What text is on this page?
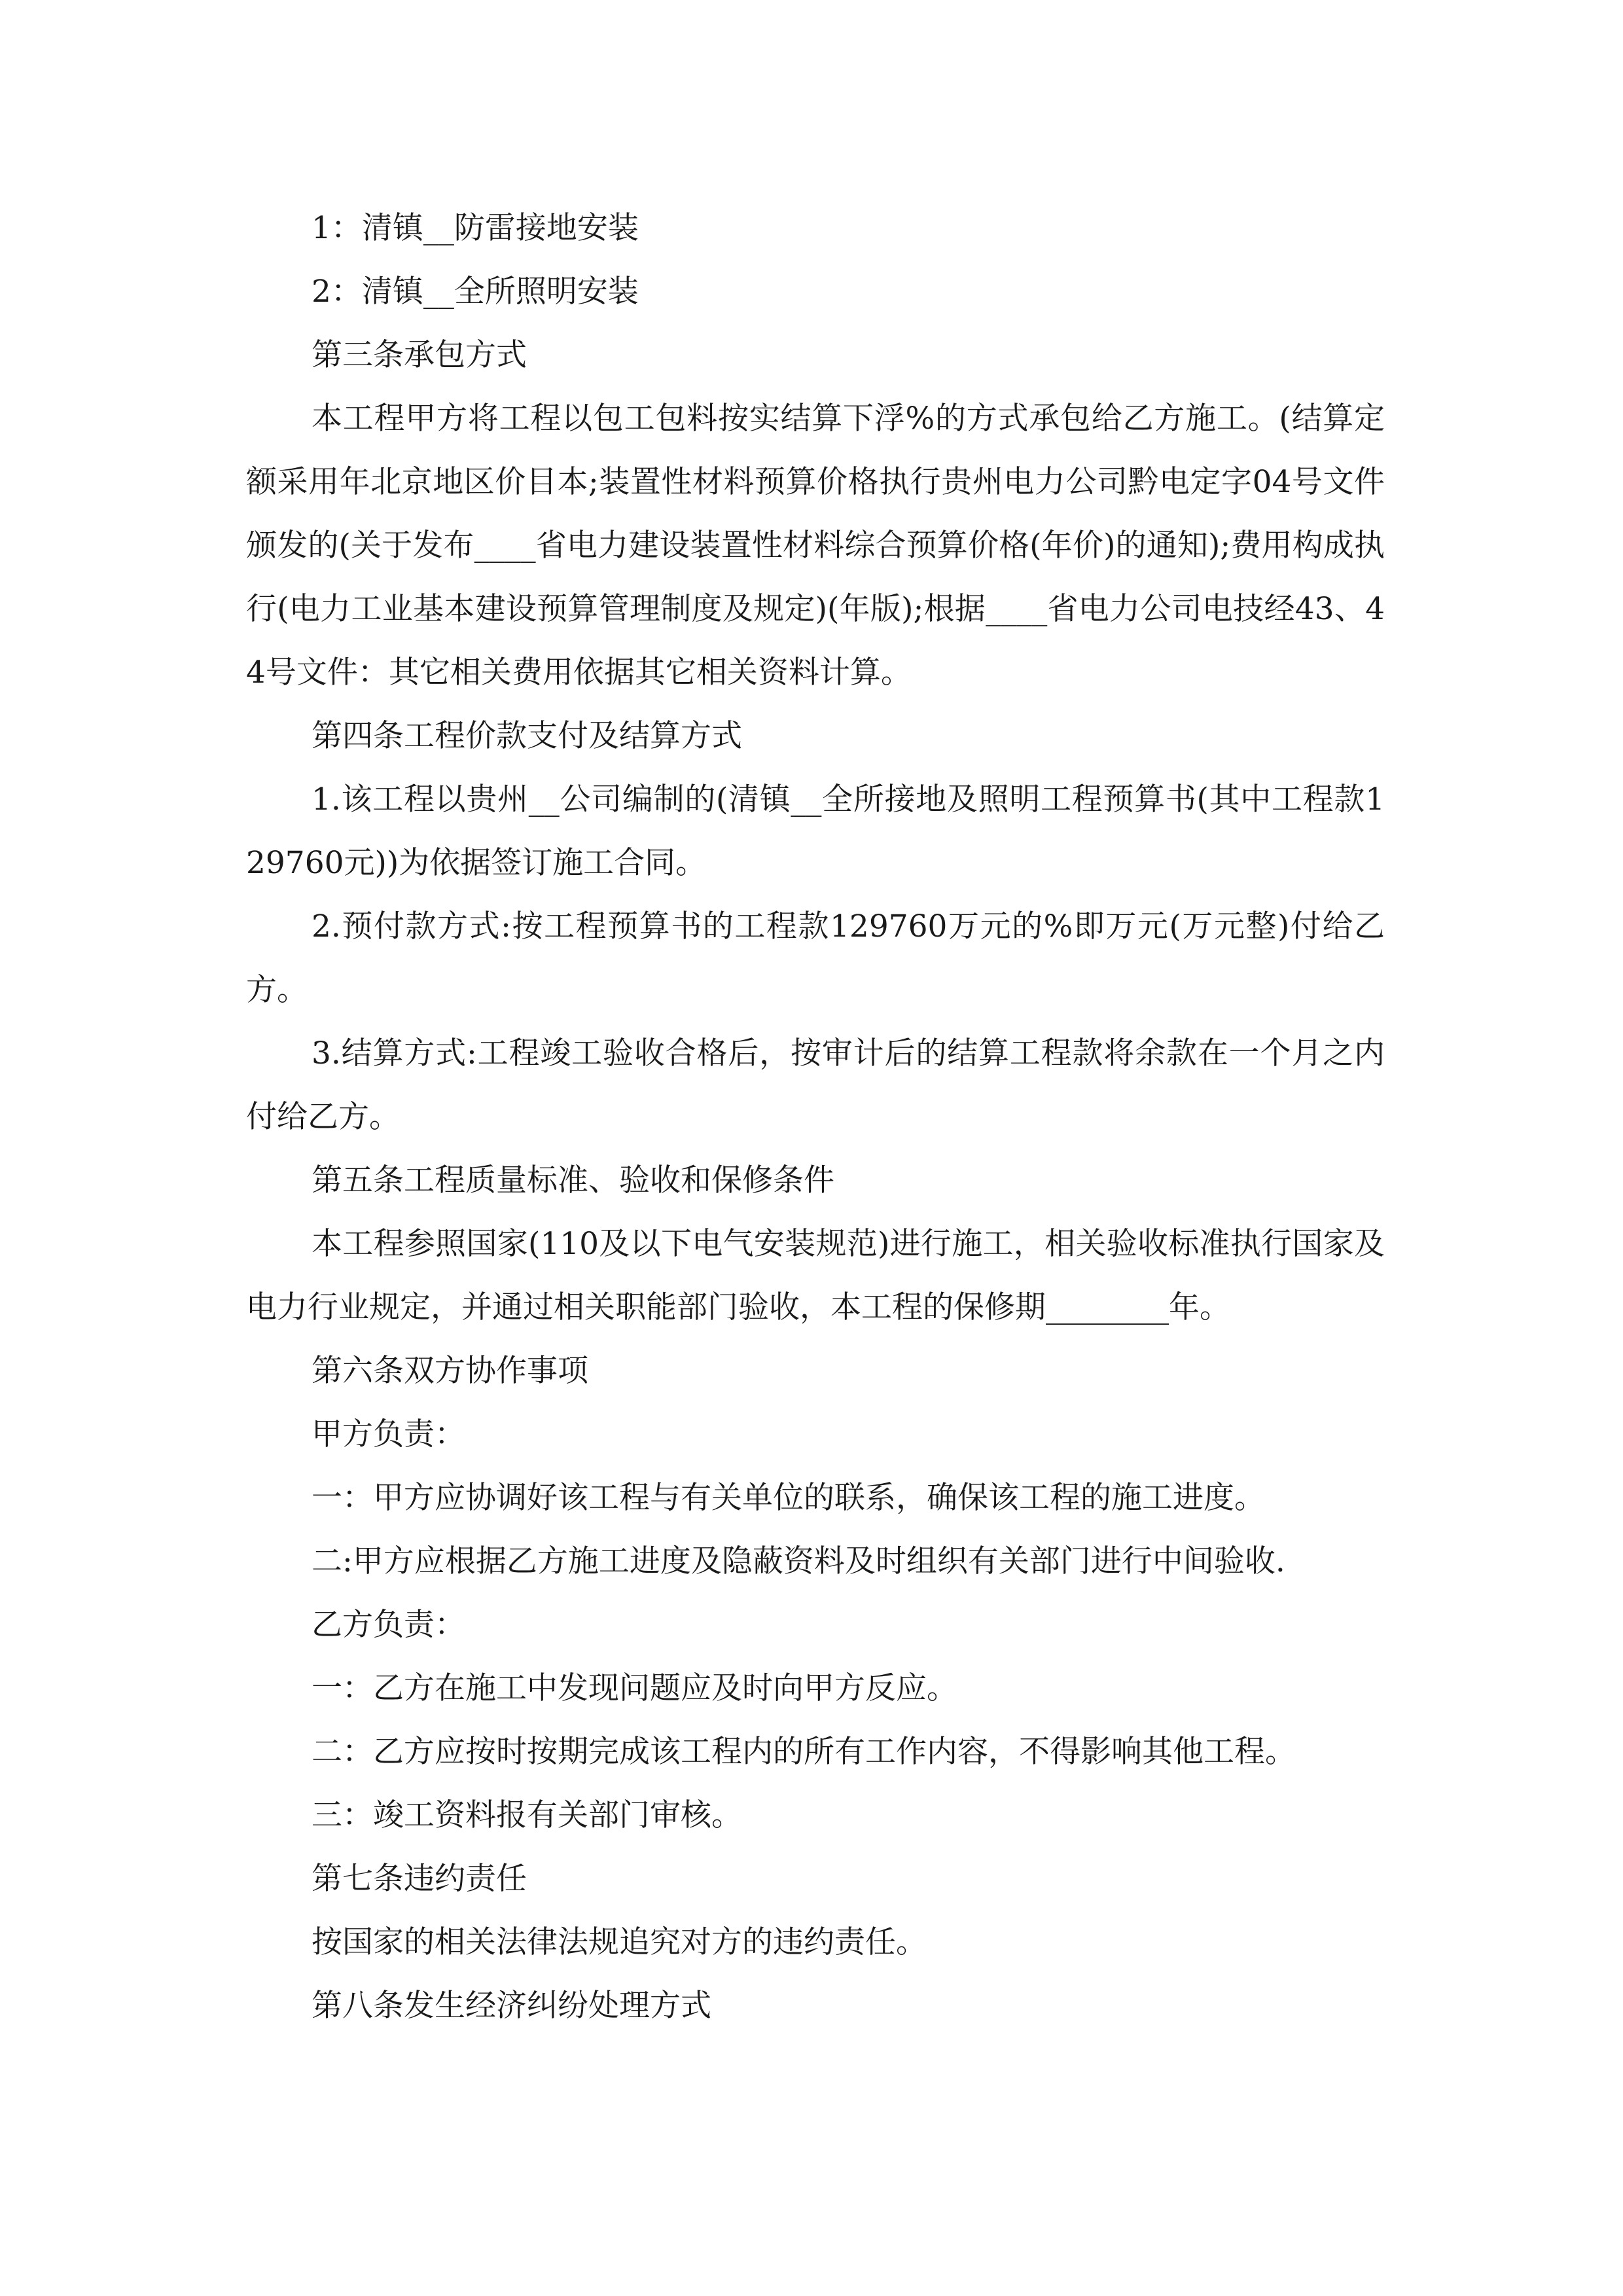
1：清镇__防雷接地安装

2：清镇__全所照明安装

第三条承包方式

本工程甲方将工程以包工包料按实结算下浮%的方式承包给乙方施工。(结算定额采用年北京地区价目本;装置性材料预算价格执行贵州电力公司黔电定字04号文件颁发的(关于发布____省电力建设装置性材料综合预算价格(年价)的通知);费用构成执行(电力工业基本建设预算管理制度及规定)(年版);根据____省电力公司电技经43、44号文件：其它相关费用依据其它相关资料计算。

第四条工程价款支付及结算方式

1.该工程以贵州__公司编制的(清镇__全所接地及照明工程预算书(其中工程款129760元))为依据签订施工合同。

2.预付款方式:按工程预算书的工程款129760万元的%即万元(万元整)付给乙方。

3.结算方式:工程竣工验收合格后，按审计后的结算工程款将余款在一个月之内付给乙方。

第五条工程质量标准、验收和保修条件

本工程参照国家(110及以下电气安装规范)进行施工，相关验收标准执行国家及电力行业规定，并通过相关职能部门验收，本工程的保修期________年。

第六条双方协作事项

甲方负责：

一：甲方应协调好该工程与有关单位的联系，确保该工程的施工进度。

二:甲方应根据乙方施工进度及隐蔽资料及时组织有关部门进行中间验收.

乙方负责：

一：乙方在施工中发现问题应及时向甲方反应。

二：乙方应按时按期完成该工程内的所有工作内容，不得影响其他工程。

三：竣工资料报有关部门审核。

第七条违约责任

按国家的相关法律法规追究对方的违约责任。

第八条发生经济纠纷处理方式
